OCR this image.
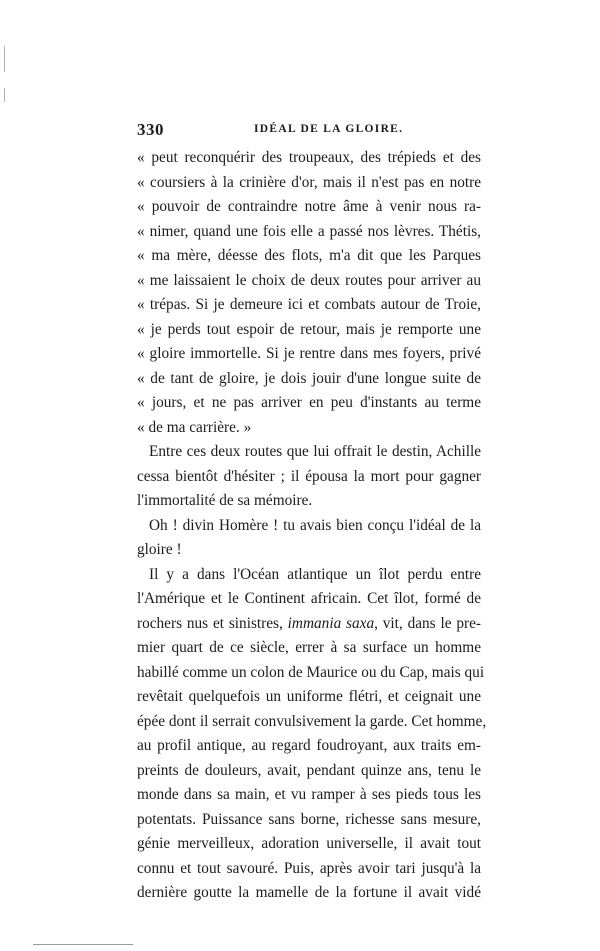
330	IDÉAL DE LA GLOIRE.
« peut reconquérir des troupeaux, des trépieds et des
« coursiers à la crinière d'or, mais il n'est pas en notre
« pouvoir de contraindre notre âme à venir nous ra-
« nimer, quand une fois elle a passé nos lèvres. Thétis,
« ma mère, déesse des flots, m'a dit que les Parques
« me laissaient le choix de deux routes pour arriver au
« trépas. Si je demeure ici et combats autour de Troie,
« je perds tout espoir de retour, mais je remporte une
« gloire immortelle. Si je rentre dans mes foyers, privé
« de tant de gloire, je dois jouir d'une longue suite de
« jours, et ne pas arriver en peu d'instants au terme
« de ma carrière. »
Entre ces deux routes que lui offrait le destin, Achille
cessa bientôt d'hésiter ; il épousa la mort pour gagner
l'immortalité de sa mémoire.
Oh ! divin Homère ! tu avais bien conçu l'idéal de la
gloire !
Il y a dans l'Océan atlantique un îlot perdu entre
l'Amérique et le Continent africain. Cet îlot, formé de
rochers nus et sinistres, immania saxa, vit, dans le pre-
mier quart de ce siècle, errer à sa surface un homme
habillé comme un colon de Maurice ou du Cap, mais qui
revêtait quelquefois un uniforme flétri, et ceignait une
épée dont il serrait convulsivement la garde. Cet homme,
au profil antique, au regard foudroyant, aux traits em-
preints de douleurs, avait, pendant quinze ans, tenu le
monde dans sa main, et vu ramper à ses pieds tous les
potentats. Puissance sans borne, richesse sans mesure,
génie merveilleux, adoration universelle, il avait tout
connu et tout savouré. Puis, après avoir tari jusqu'à la
dernière goutte la mamelle de la fortune il avait vidé
